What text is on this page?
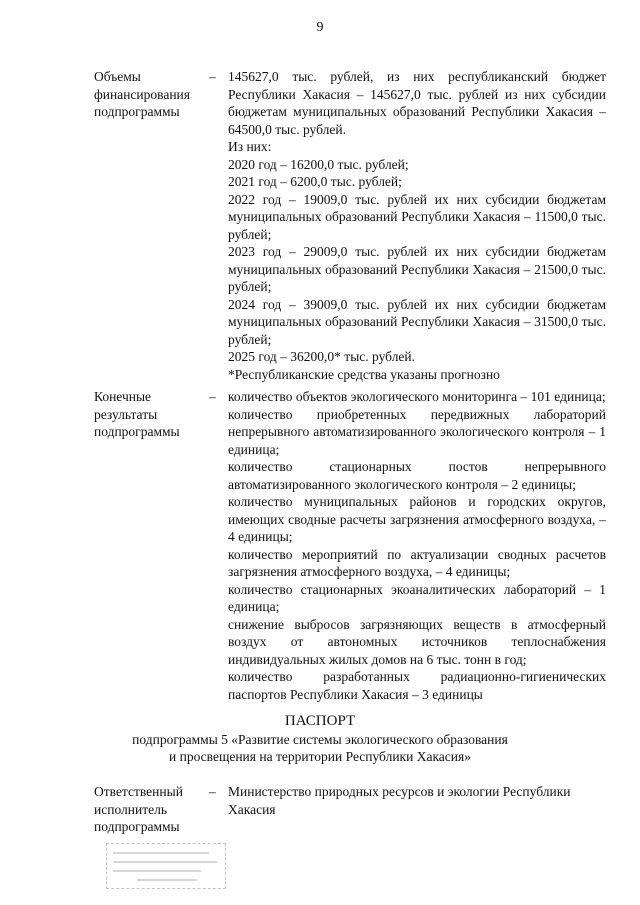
9
Объемы
финансирования
подпрограммы
– 145627,0 тыс. рублей, из них республиканский бюджет Республики Хакасия – 145627,0 тыс. рублей из них субсидии бюджетам муниципальных образований Республики Хакасия – 64500,0 тыс. рублей.

Из них:

2020 год – 16200,0 тыс. рублей;

2021 год – 6200,0 тыс. рублей;

2022 год – 19009,0 тыс. рублей их них субсидии бюджетам муниципальных образований Республики Хакасия – 11500,0 тыс. рублей;

2023 год – 29009,0 тыс. рублей их них субсидии бюджетам муниципальных образований Республики Хакасия – 21500,0 тыс. рублей;

2024 год – 39009,0 тыс. рублей их них субсидии бюджетам муниципальных образований Республики Хакасия – 31500,0 тыс. рублей;

2025 год – 36200,0* тыс. рублей.

*Республиканские средства указаны прогнозно

Конечные
результаты
подпрограммы
– количество объектов экологического мониторинга – 101 единица;

количество приобретенных передвижных лабораторий непрерывного автоматизированного экологического контроля – 1 единица;

количество стационарных постов непрерывного автоматизированного экологического контроля – 2 единицы;

количество муниципальных районов и городских округов, имеющих сводные расчеты загрязнения атмосферного воздуха, – 4 единицы;

количество мероприятий по актуализации сводных расчетов загрязнения атмосферного воздуха, – 4 единицы;

количество стационарных экоаналитических лабораторий – 1 единица;

снижение выбросов загрязняющих веществ в атмосферный воздух от автономных источников теплоснабжения индивидуальных жилых домов на 6 тыс. тонн в год;

количество разработанных радиационно-гигиенических паспортов Республики Хакасия – 3 единицы

ПАСПОРТ
подпрограммы 5 «Развитие системы экологического образования
и просвещения на территории Республики Хакасия»
Ответственный
исполнитель
подпрограммы
– Министерство природных ресурсов и экологии Республики Хакасия
